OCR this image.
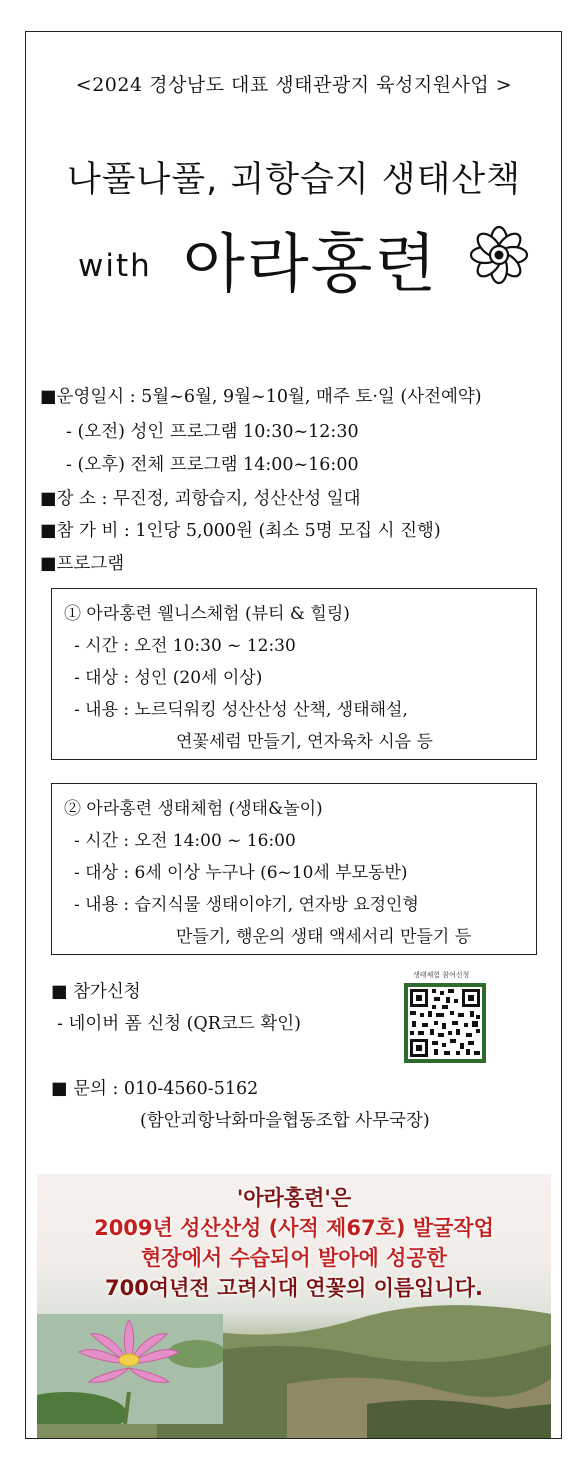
<2024 경상남도 대표 생태관광지 육성지원사업 >
나풀나풀, 괴항습지 생태산책
with 아라홍련
■운영일시 : 5월~6월, 9월~10월, 매주 토·일 (사전예약)
- (오전) 성인 프로그램 10:30~12:30
- (오후) 전체 프로그램 14:00~16:00
■장 소 : 무진정, 괴항습지, 성산산성 일대
■참 가 비 : 1인당 5,000원 (최소 5명 모집 시 진행)
■프로그램
① 아라홍련 웰니스체험 (뷰티 & 힐링)
- 시간 : 오전 10:30 ~ 12:30
- 대상 : 성인 (20세 이상)
- 내용 : 노르딕워킹 성산산성 산책, 생태해설,
연꽃세럼 만들기, 연자육차 시음 등
② 아라홍련 생태체험 (생태&놀이)
- 시간 : 오전 14:00 ~ 16:00
- 대상 : 6세 이상 누구나 (6~10세 부모동반)
- 내용 : 습지식물 생태이야기, 연자방 요정인형
만들기, 행운의 생태 액세서리 만들기 등
■ 참가신청
- 네이버 폼 신청 (QR코드 확인)
생태체험 참여신청
■ 문의 : 010-4560-5162
(함안괴항낙화마을협동조합 사무국장)
'아라홍련'은
2009년 성산산성 (사적 제67호) 발굴작업
현장에서 수습되어 발아에 성공한
700여년전 고려시대 연꽃의 이름입니다.
